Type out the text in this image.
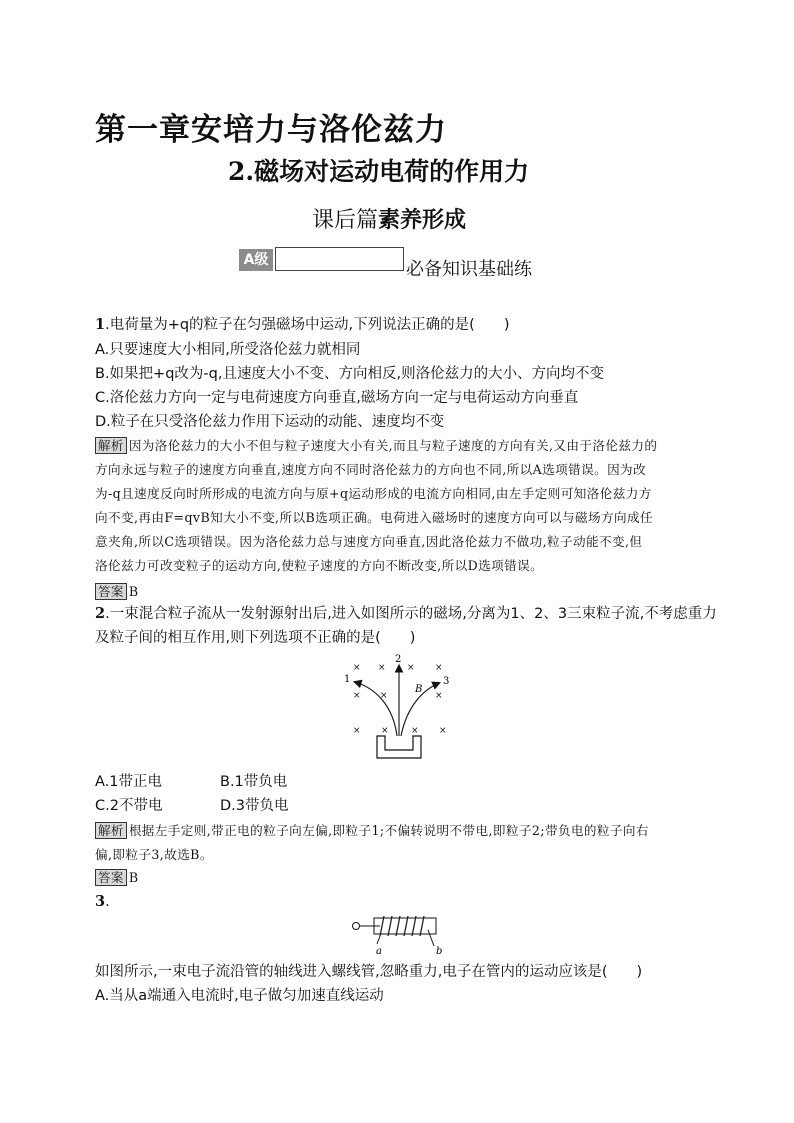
第一章安培力与洛伦兹力
2.磁场对运动电荷的作用力
课后篇素养形成
A级	必备知识基础练
1.电荷量为+q的粒子在匀强磁场中运动,下列说法正确的是(　　)
A.只要速度大小相同,所受洛伦兹力就相同
B.如果把+q改为-q,且速度大小不变、方向相反,则洛伦兹力的大小、方向均不变
C.洛伦兹力方向一定与电荷速度方向垂直,磁场方向一定与电荷运动方向垂直
D.粒子在只受洛伦兹力作用下运动的动能、速度均不变
解析 因为洛伦兹力的大小不但与粒子速度大小有关,而且与粒子速度的方向有关,又由于洛伦兹力的
方向永远与粒子的速度方向垂直,速度方向不同时洛伦兹力的方向也不同,所以A选项错误。因为改
为-q且速度反向时所形成的电流方向与原+q运动形成的电流方向相同,由左手定则可知洛伦兹力方
向不变,再由F=qvB知大小不变,所以B选项正确。电荷进入磁场时的速度方向可以与磁场方向成任
意夹角,所以C选项错误。因为洛伦兹力总与速度方向垂直,因此洛伦兹力不做功,粒子动能不变,但
洛伦兹力可改变粒子的运动方向,使粒子速度的方向不断改变,所以D选项错误。
答案 B
2.一束混合粒子流从一发射源射出后,进入如图所示的磁场,分离为1、2、3三束粒子流,不考虑重力
及粒子间的相互作用,则下列选项不正确的是(　　)
× × × ×
× ×	×
× × × ×
1
2
3
B
A.1带正电	B.1带负电
C.2不带电	D.3带负电
解析 根据左手定则,带正电的粒子向左偏,即粒子1;不偏转说明不带电,即粒子2;带负电的粒子向右
偏,即粒子3,故选B。
答案 B
3.
a	b
如图所示,一束电子流沿管的轴线进入螺线管,忽略重力,电子在管内的运动应该是(　　)
A.当从a端通入电流时,电子做匀加速直线运动
